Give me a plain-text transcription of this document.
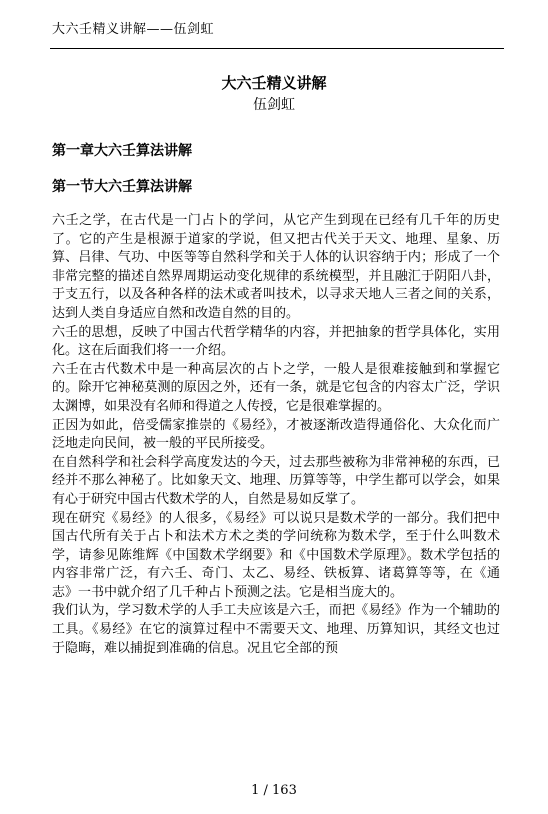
大六壬精义讲解——伍剑虹
大六壬精义讲解
伍剑虹
第一章大六壬算法讲解
第一节大六壬算法讲解

六壬之学，在古代是一门占卜的学问，从它产生到现在已经有几千年的历史了。它的产生是根源于道家的学说，但又把古代关于天文、地理、星象、历算、吕律、气功、中医等等自然科学和关于人体的认识容纳于内；形成了一个非常完整的描述自然界周期运动变化规律的系统模型，并且融汇于阴阳八卦，于支五行，以及各种各样的法术或者叫技术，以寻求天地人三者之间的关系，达到人类自身适应自然和改造自然的目的。

六壬的思想，反映了中国古代哲学精华的内容，并把抽象的哲学具体化，实用化。这在后面我们将一一介绍。

六壬在古代数术中是一种高层次的占卜之学，一般人是很难接触到和掌握它的。除开它神秘莫测的原因之外，还有一条，就是它包含的内容太广泛，学识太渊博，如果没有名师和得道之人传授，它是很难掌握的。

正因为如此，倍受儒家推崇的《易经》，才被逐渐改造得通俗化、大众化而广泛地走向民间，被一般的平民所接受。

在自然科学和社会科学高度发达的今天，过去那些被称为非常神秘的东西，已经并不那么神秘了。比如象天文、地理、历算等等，中学生都可以学会，如果有心于研究中国古代数术学的人，自然是易如反掌了。

现在研究《易经》的人很多，《易经》可以说只是数术学的一部分。我们把中国古代所有关于占卜和法术方术之类的学问统称为数术学，至于什么叫数术学，请参见陈维辉《中国数术学纲要》和《中国数术学原理》。数术学包括的内容非常广泛，有六壬、奇门、太乙、易经、铁板算、诸葛算等等，在《通志》一书中就介绍了几千种占卜预测之法。它是相当庞大的。

我们认为，学习数术学的人手工夫应该是六壬，而把《易经》作为一个辅助的工具。《易经》在它的演算过程中不需要天文、地理、历算知识，其经文也过于隐晦，难以捕捉到准确的信息。况且它全部的预

1 / 163
